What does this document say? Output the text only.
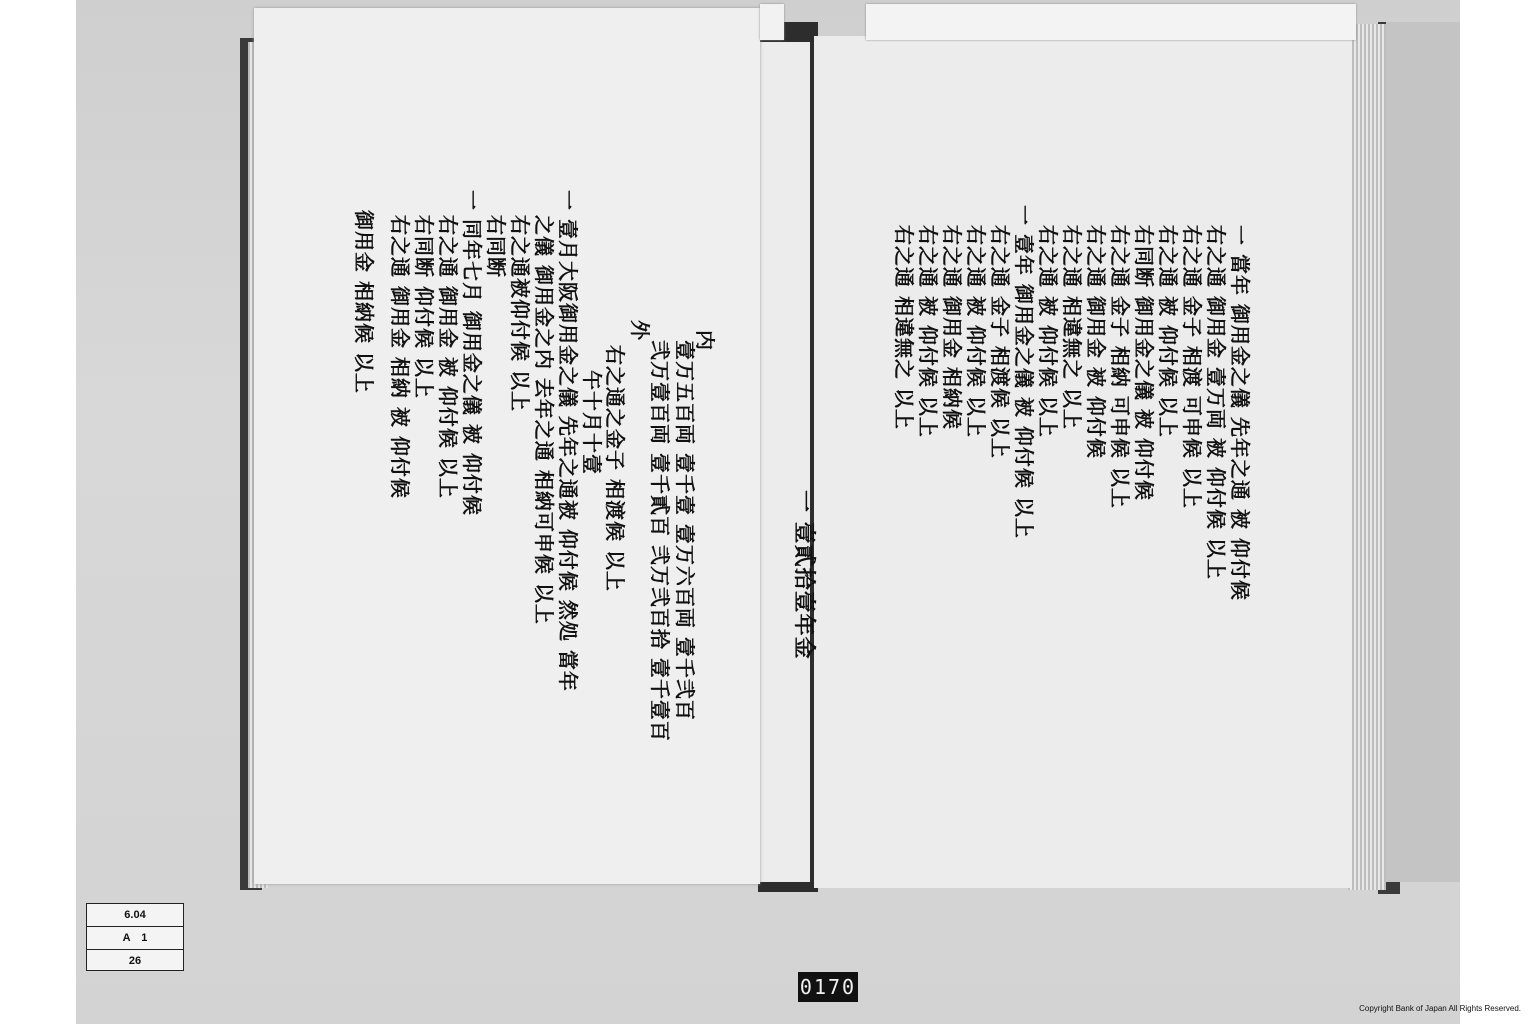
一 壹貳拾壹年金
内
壹万五百両 壹千壹 壹万六百両 壹千弐百
弐万壹百両 壹千貳百 弐万弐百拾 壹千壹百
外
右之通之金子 相渡候 以上
午十月十壹
一 壹月大阪御用金之儀 先年之通被 仰付候 然処 當年
之儀 御用金之内 去年之通 相納可申候 以上
右之通被仰付候 以上
右同断
一 同年七月 御用金之儀 被 仰付候
右之通 御用金 被 仰付候 以上
右同断 仰付候 以上
右之通 御用金 相納 被 仰付候
御用金 相納候 以上	一 當年 御用金之儀 先年之通 被 仰付候
右之通 御用金 壹万両 被 仰付候 以上
右之通 金子 相渡 可申候 以上
右之通 被 仰付候 以上
右同断 御用金之儀 被 仰付候
右之通 金子 相納 可申候 以上
右之通 御用金 被 仰付候
右之通 相違無之 以上
右之通 被 仰付候 以上
一 壹年 御用金之儀 被 仰付候 以上
右之通 金子 相渡候 以上
右之通 被 仰付候 以上
右之通 御用金 相納候
右之通 被 仰付候 以上
右之通 相違無之 以上
6.04
A　1
26
0170
Copyright Bank of Japan All Rights Reserved.
